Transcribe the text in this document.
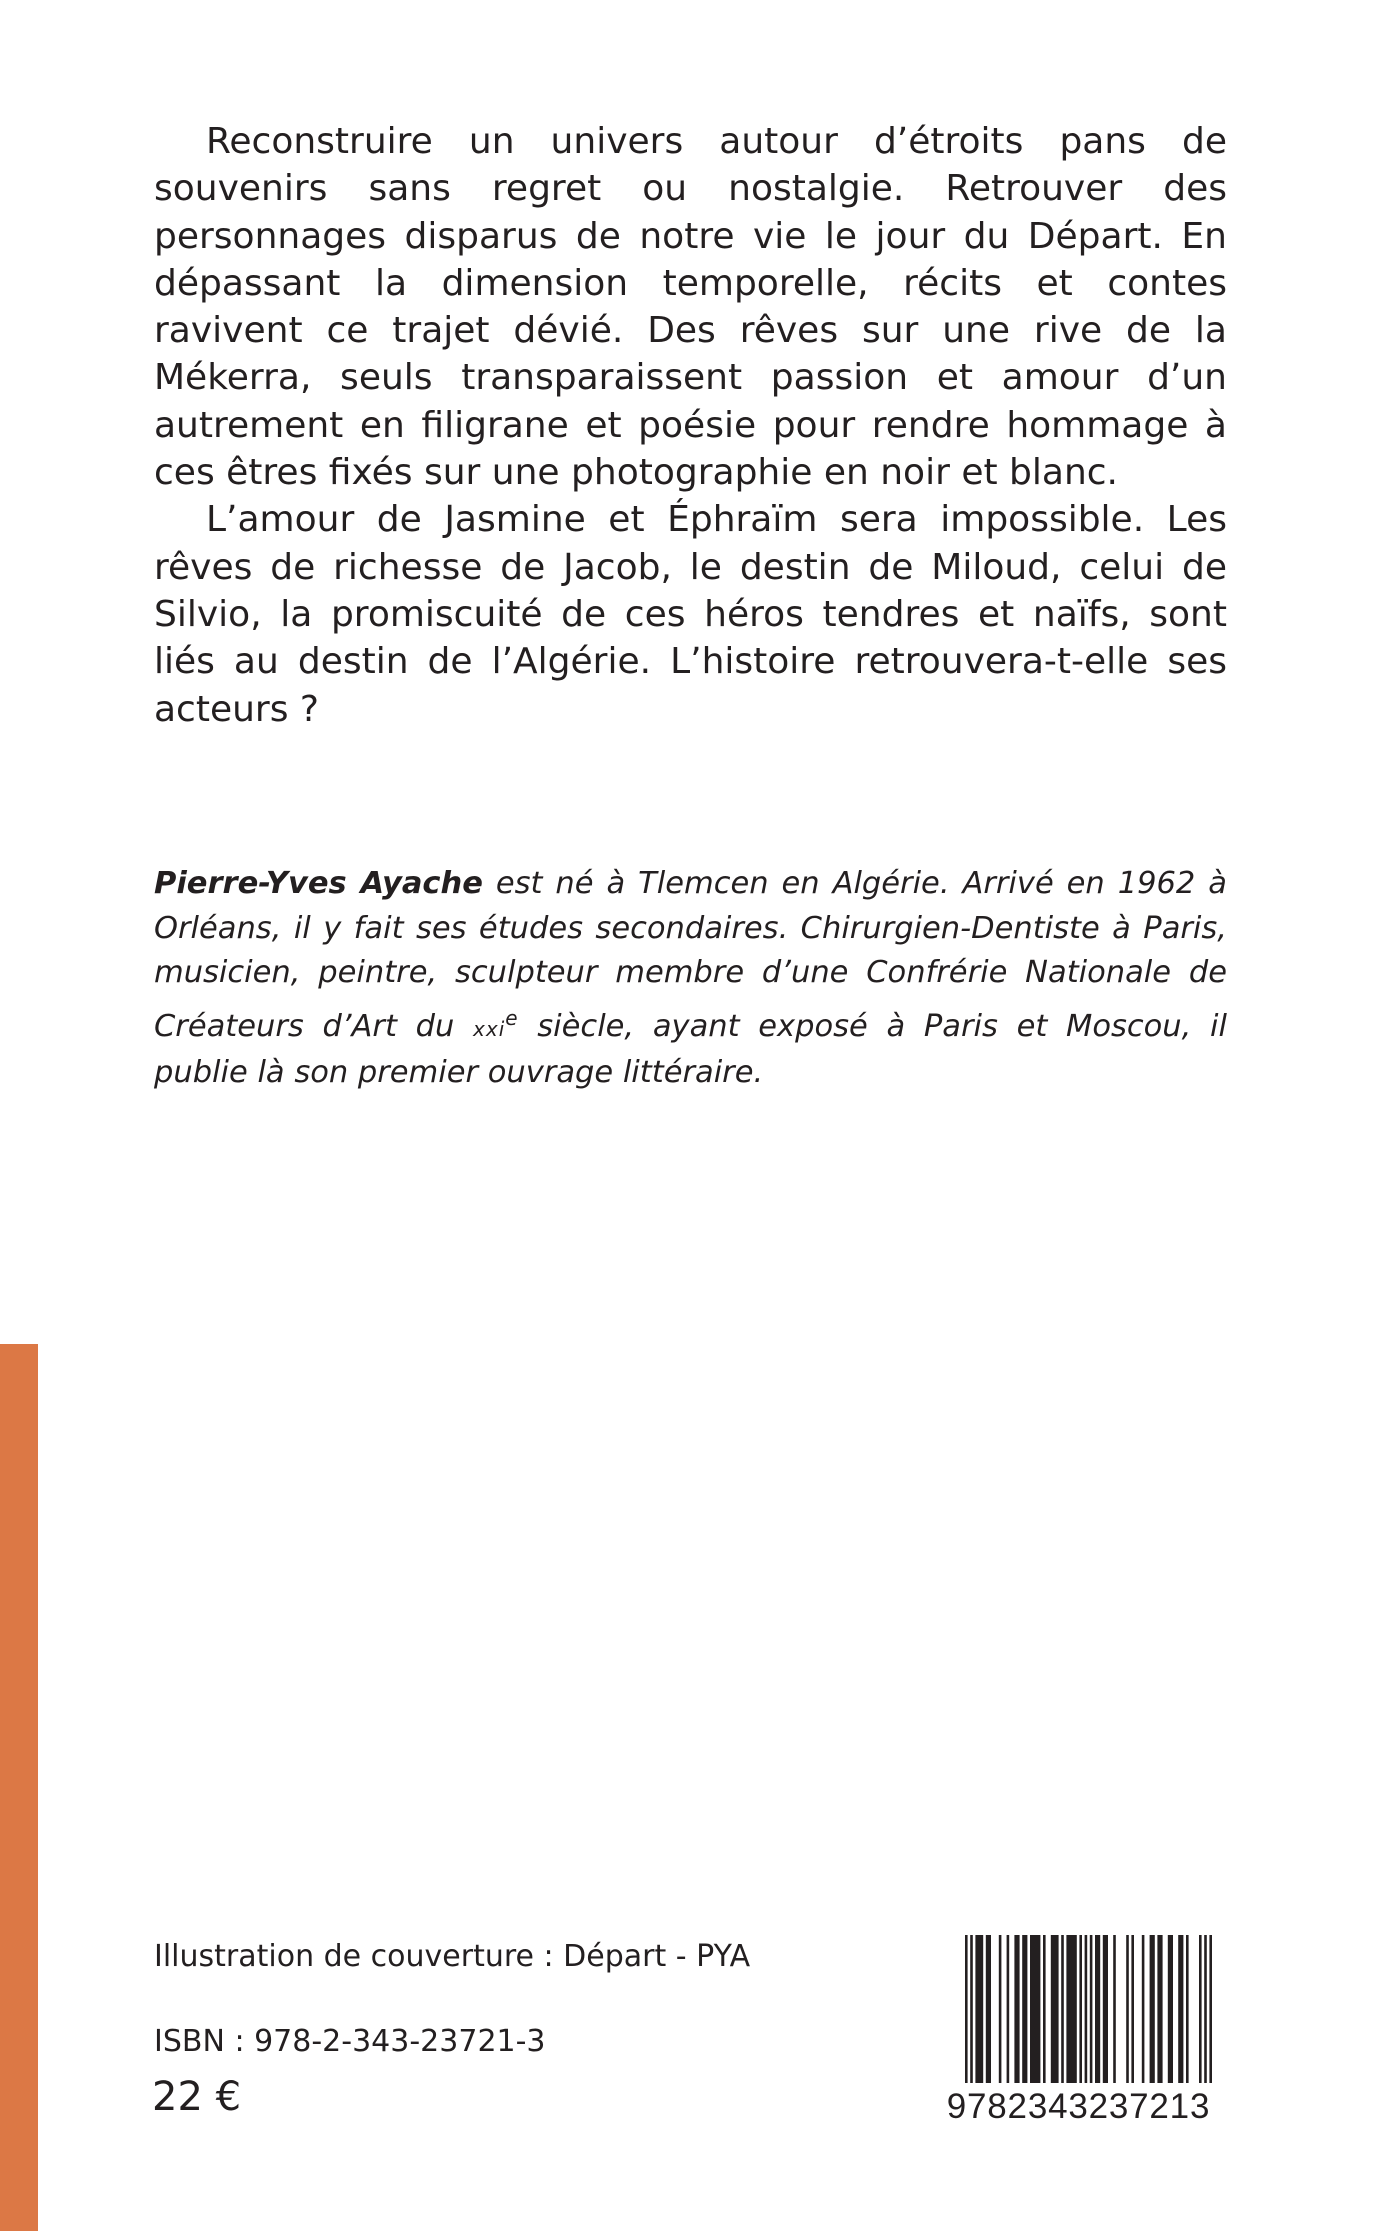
Reconstruire un univers autour d’étroits pans de souvenirs sans regret ou nostalgie. Retrouver des personnages disparus de notre vie le jour du Départ. En dépassant la dimension temporelle, récits et contes ravivent ce trajet dévié. Des rêves sur une rive de la Mékerra, seuls transparaissent passion et amour d’un autrement en filigrane et poésie pour rendre hommage à ces êtres fixés sur une photographie en noir et blanc.

L’amour de Jasmine et Éphraïm sera impossible. Les rêves de richesse de Jacob, le destin de Miloud, celui de Silvio, la promiscuité de ces héros tendres et naïfs, sont liés au destin de l’Algérie. L’histoire retrouvera-t-elle ses acteurs ?

Pierre-Yves Ayache est né à Tlemcen en Algérie. Arrivé en 1962 à Orléans, il y fait ses études secondaires. Chirurgien-Dentiste à Paris, musicien, peintre, sculpteur membre d’une Confrérie Nationale de Créateurs d’Art du xxi$^e$ siècle, ayant exposé à Paris et Moscou, il publie là son premier ouvrage littéraire.

Illustration de couverture : Départ - PYA
ISBN : 978-2-343-23721-3
22 €	9782343237213
